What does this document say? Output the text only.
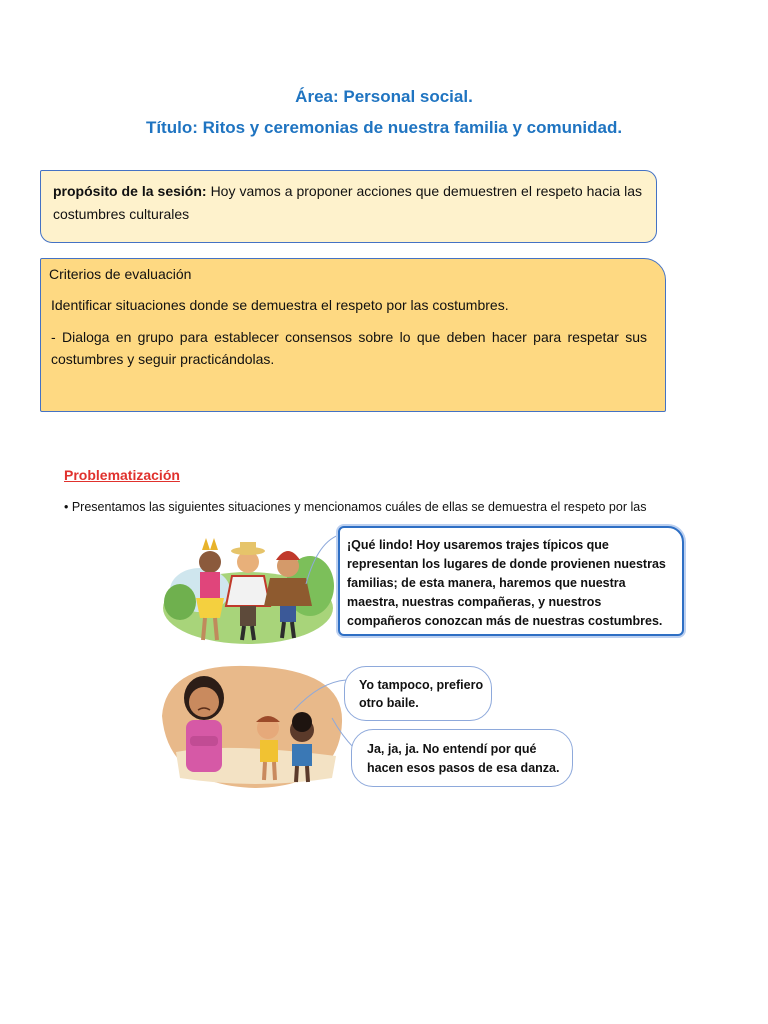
Área: Personal social.
Título: Ritos y ceremonias de nuestra familia y comunidad.
propósito de la sesión: Hoy vamos a proponer acciones que demuestren el respeto hacia las costumbres culturales
Criterios de evaluación

Identificar situaciones donde se demuestra el respeto por las costumbres.

- Dialoga en grupo para establecer consensos sobre lo que deben hacer para respetar sus costumbres y seguir practicándolas.

Problematización
• Presentamos las siguientes situaciones y mencionamos cuáles de ellas se demuestra el respeto por las
¡Qué lindo! Hoy usaremos trajes típicos que representan los lugares de donde provienen nuestras familias; de esta manera, haremos que nuestra maestra, nuestras compañeras, y nuestros compañeros conozcan más de nuestras costumbres.
Yo tampoco, prefiero otro baile.
Ja, ja, ja. No entendí por qué hacen esos pasos de esa danza.
